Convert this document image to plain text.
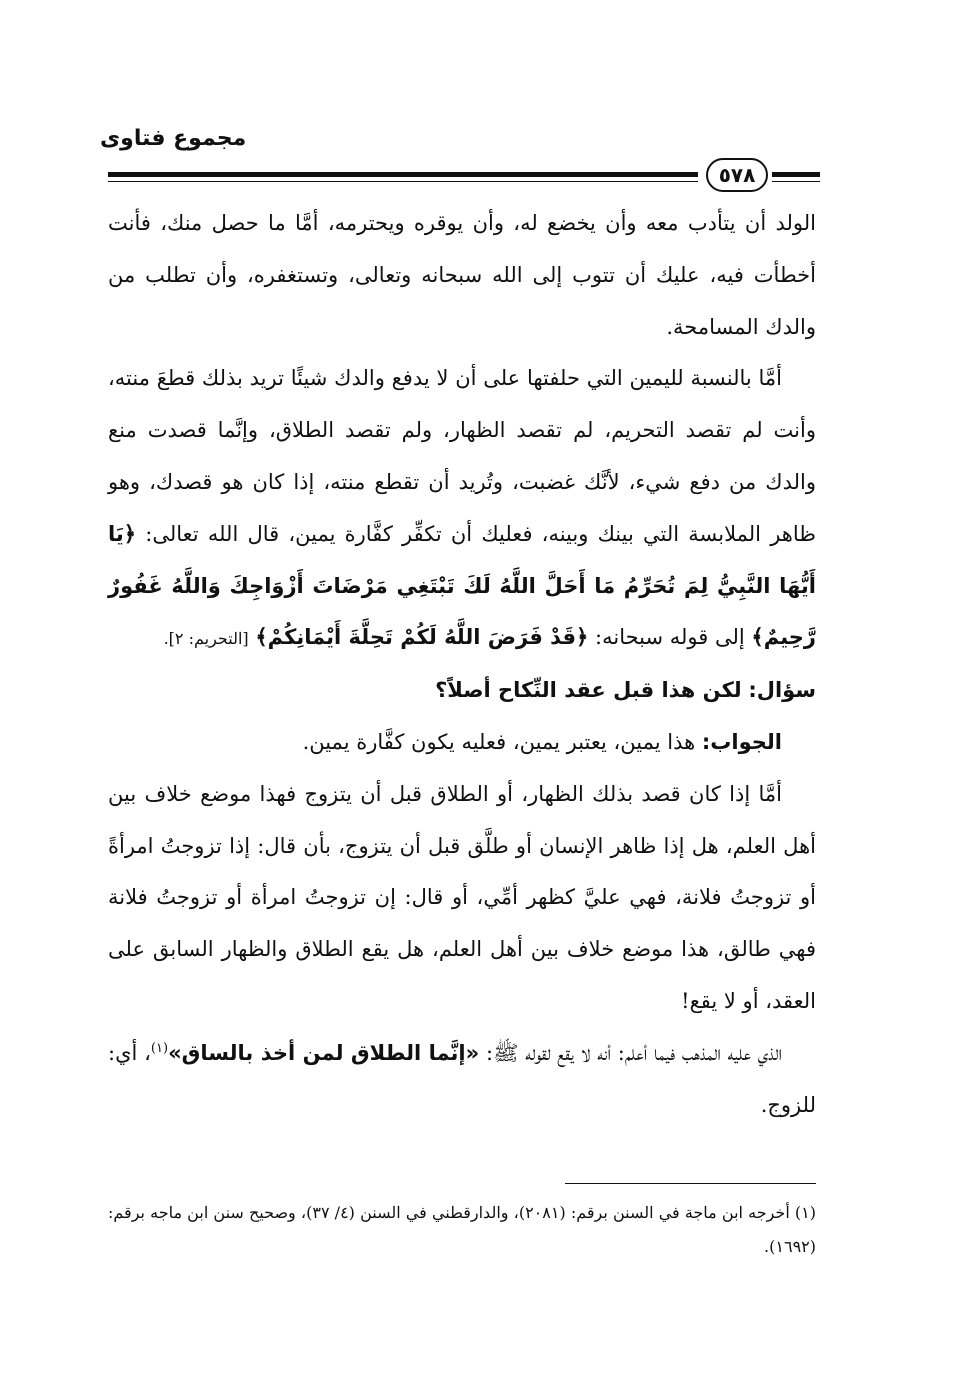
مجموع فتاوى
٥٧٨

الولد أن يتأدب معه وأن يخضع له، وأن يوقره ويحترمه، أمَّا ما حصل منك، فأنت أخطأت فيه، عليك أن تتوب إلى الله سبحانه وتعالى، وتستغفره، وأن تطلب من والدك المسامحة.

أمَّا بالنسبة لليمين التي حلفتها على أن لا يدفع والدك شيئًا تريد بذلك قطعَ منته، وأنت لم تقصد التحريم، لم تقصد الظهار، ولم تقصد الطلاق، وإنَّما قصدت منع والدك من دفع شيء، لأنَّك غضبت، وتُريد أن تقطع منته، إذا كان هو قصدك، وهو ظاهر الملابسة التي بينك وبينه، فعليك أن تكفِّر كفَّارة يمين، قال الله تعالى: ﴿يَا أَيُّهَا النَّبِيُّ لِمَ تُحَرِّمُ مَا أَحَلَّ اللَّهُ لَكَ تَبْتَغِي مَرْضَاتَ أَزْوَاجِكَ وَاللَّهُ غَفُورٌ رَّحِيمٌ﴾ إلى قوله سبحانه: ﴿قَدْ فَرَضَ اللَّهُ لَكُمْ تَحِلَّةَ أَيْمَانِكُمْ﴾ [التحريم: ٢].

سؤال: لكن هذا قبل عقد النِّكاح أصلاً؟

الجواب: هذا يمين، يعتبر يمين، فعليه يكون كفَّارة يمين.

أمَّا إذا كان قصد بذلك الظهار، أو الطلاق قبل أن يتزوج فهذا موضع خلاف بين أهل العلم، هل إذا ظاهر الإنسان أو طلَّق قبل أن يتزوج، بأن قال: إذا تزوجتُ امرأةً أو تزوجتُ فلانة، فهي عليَّ كظهر أمِّي، أو قال: إن تزوجتُ امرأة أو تزوجتُ فلانة فهي طالق، هذا موضع خلاف بين أهل العلم، هل يقع الطلاق والظهار السابق على العقد، أو لا يقع!

الذي عليه المذهب فيما أعلم: أنه لا يقع لقوله ﷺ: «إنَّما الطلاق لمن أخذ بالساق»$^{(١)}$، أي: للزوج.

(١) أخرجه ابن ماجة في السنن برقم: (٢٠٨١)، والدارقطني في السنن (٤/ ٣٧)، وصحيح سنن ابن ماجه برقم: (١٦٩٢).
